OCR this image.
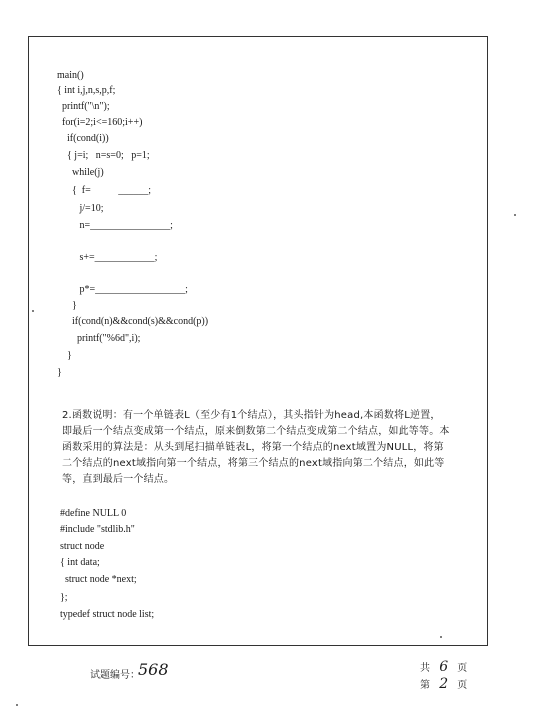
main()
{ int i,j,n,s,p,f;
printf("\n");
for(i=2;i<=160;i++)
if(cond(i))
{ j=i;   n=s=0;   p=1;
while(j)
{  f=           ______;
j/=10;
n=________________;
s+=____________;
p*=__________________;
}
if(cond(n)&&cond(s)&&cond(p))
printf("%6d",i);
}
}
2.函数说明：有一个单链表L（至少有1个结点），其头指针为head,本函数将L逆置，即最后一个结点变成第一个结点，原来倒数第二个结点变成第二个结点，如此等等。本函数采用的算法是：从头到尾扫描单链表L，将第一个结点的next域置为NULL，将第二个结点的next域指向第一个结点，将第三个结点的next域指向第二个结点，如此等等，直到最后一个结点。
#define NULL 0
#include "stdlib.h"
struct node
{ int data;
struct node *next;
};
typedef struct node list;
试题编号：
568	共 6 页
第 2 页
